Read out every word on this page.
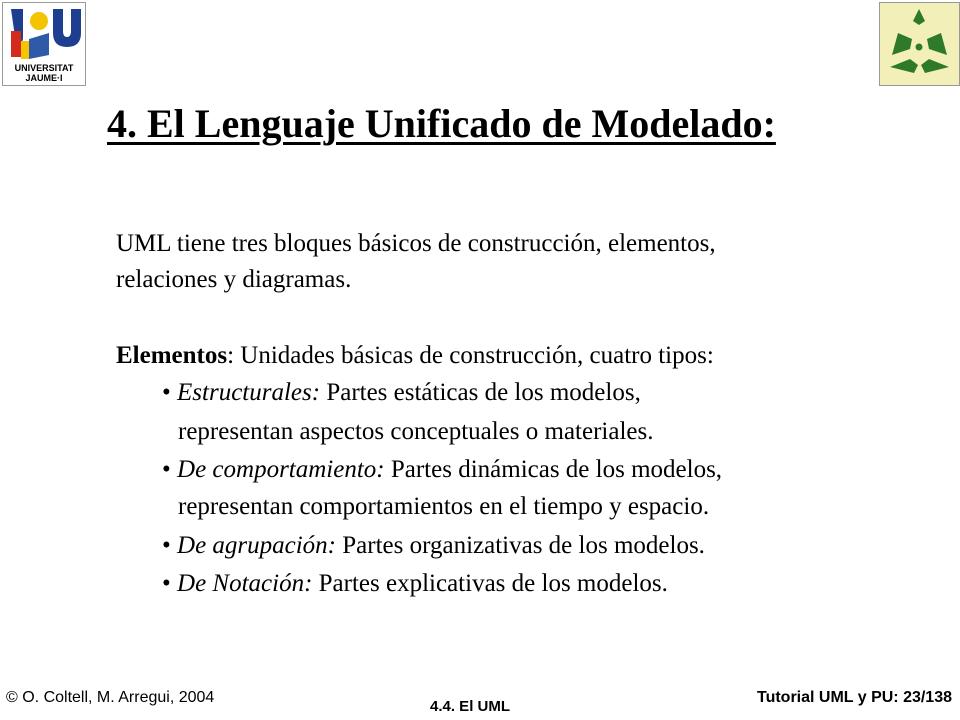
UNIVERSITAT
JAUME·I
4. El Lenguaje Unificado de Modelado:
UML tiene tres bloques básicos de construcción, elementos,
relaciones y diagramas.
Elementos: Unidades básicas de construcción, cuatro tipos:
• Estructurales: Partes estáticas de los modelos,
representan aspectos conceptuales o materiales.
• De comportamiento: Partes dinámicas de los modelos,
representan comportamientos en el tiempo y espacio.
• De agrupación: Partes organizativas de los modelos.
• De Notación: Partes explicativas de los modelos.
© O. Coltell, M. Arregui, 2004
4.4. El UML
Tutorial UML y PU: 23/138
